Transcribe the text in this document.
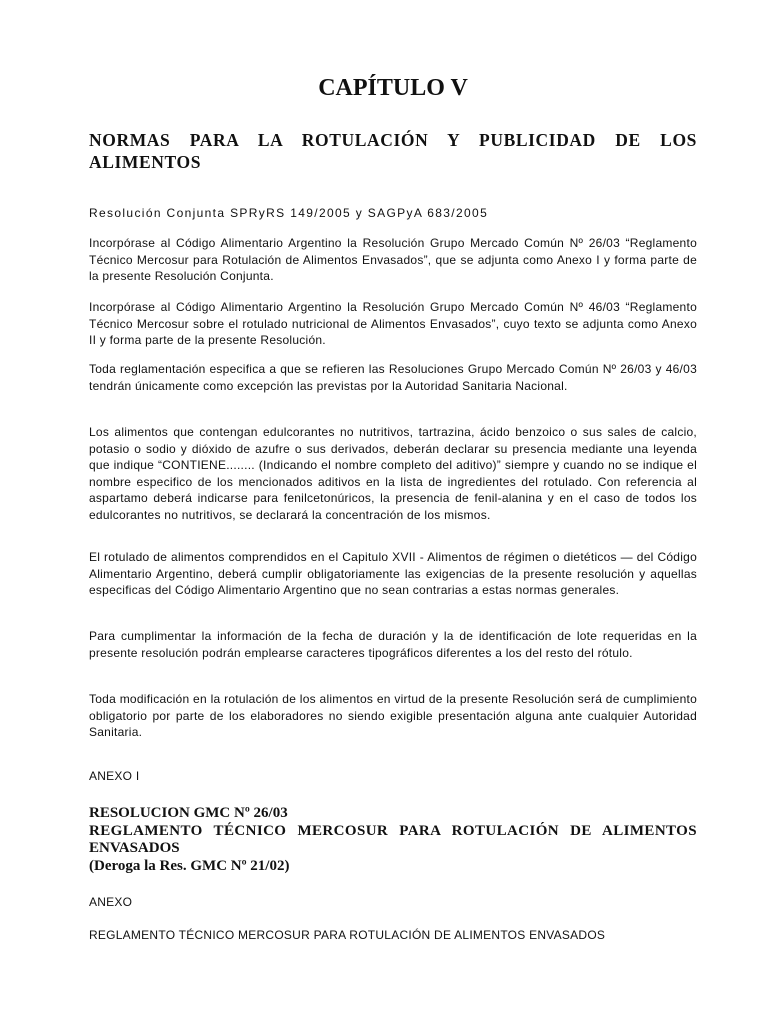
CAPÍTULO V
NORMAS PARA LA ROTULACIÓN Y PUBLICIDAD DE LOS ALIMENTOS

Resolución Conjunta SPRyRS 149/2005 y SAGPyA 683/2005

Incorpórase al Código Alimentario Argentino la Resolución Grupo Mercado Común Nº 26/03 “Reglamento Técnico Mercosur para Rotulación de Alimentos Envasados”, que se adjunta como Anexo I y forma parte de la presente Resolución Conjunta.

Incorpórase al Código Alimentario Argentino la Resolución Grupo Mercado Común Nº 46/03 “Reglamento Técnico Mercosur sobre el rotulado nutricional de Alimentos Envasados”, cuyo texto se adjunta como Anexo II y forma parte de la presente Resolución.

Toda reglamentación especifica a que se refieren las Resoluciones Grupo Mercado Común Nº 26/03 y 46/03 tendrán únicamente como excepción las previstas por la Autoridad Sanitaria Nacional.

Los alimentos que contengan edulcorantes no nutritivos, tartrazina, ácido benzoico o sus sales de calcio, potasio o sodio y dióxido de azufre o sus derivados, deberán declarar su presencia mediante una leyenda que indique “CONTIENE........ (Indicando el nombre completo del aditivo)” siempre y cuando no se indique el nombre especifico de los mencionados aditivos en la lista de ingredientes del rotulado. Con referencia al aspartamo deberá indicarse para fenilcetonúricos, la presencia de fenil-alanina y en el caso de todos los edulcorantes no nutritivos, se declarará la concentración de los mismos.

El rotulado de alimentos comprendidos en el Capitulo XVII - Alimentos de régimen o dietéticos — del Código Alimentario Argentino, deberá cumplir obligatoriamente las exigencias de la presente resolución y aquellas especificas del Código Alimentario Argentino que no sean contrarias a estas normas generales.

Para cumplimentar la información de la fecha de duración y la de identificación de lote requeridas en la presente resolución podrán emplearse caracteres tipográficos diferentes a los del resto del rótulo.

Toda modificación en la rotulación de los alimentos en virtud de la presente Resolución será de cumplimiento obligatorio por parte de los elaboradores no siendo exigible presentación alguna ante cualquier Autoridad Sanitaria.

ANEXO I

RESOLUCION GMC Nº 26/03
REGLAMENTO TÉCNICO MERCOSUR PARA ROTULACIÓN DE ALIMENTOS
ENVASADOS
(Deroga la Res. GMC Nº 21/02)

ANEXO

REGLAMENTO TÉCNICO MERCOSUR PARA ROTULACIÓN DE ALIMENTOS ENVASADOS
